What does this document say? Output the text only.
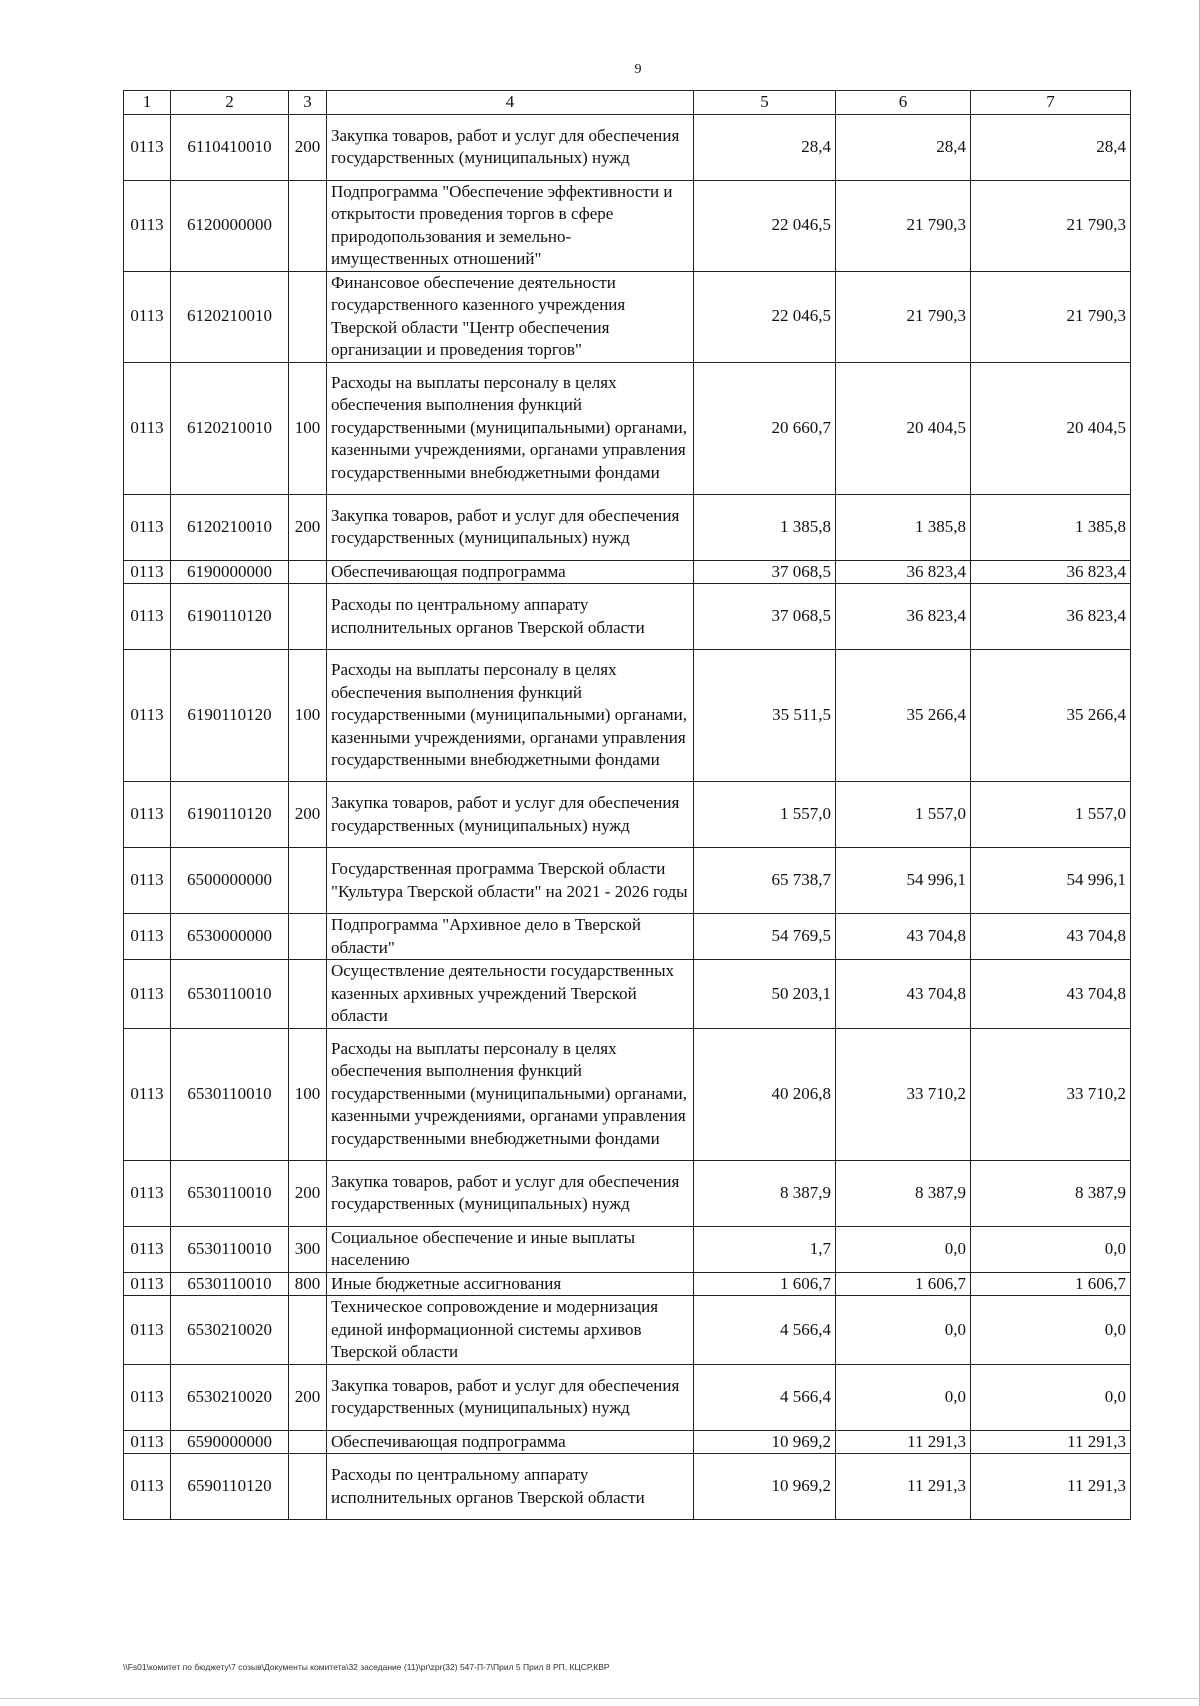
9
1	2	3	4	5	6	7
0113	6110410010	200	Закупка товаров, работ и услуг для обеспечения государственных (муниципальных) нужд	28,4	28,4	28,4
0113	6120000000		Подпрограмма "Обеспечение эффективности и открытости проведения торгов в сфере природопользования и земельно-имущественных отношений"	22 046,5	21 790,3	21 790,3
0113	6120210010		Финансовое обеспечение деятельности государственного казенного учреждения Тверской области "Центр обеспечения организации и проведения торгов"	22 046,5	21 790,3	21 790,3
0113	6120210010	100	Расходы на выплаты персоналу в целях обеспечения выполнения функций государственными (муниципальными) органами, казенными учреждениями, органами управления государственными внебюджетными фондами	20 660,7	20 404,5	20 404,5
0113	6120210010	200	Закупка товаров, работ и услуг для обеспечения государственных (муниципальных) нужд	1 385,8	1 385,8	1 385,8
0113	6190000000		Обеспечивающая подпрограмма	37 068,5	36 823,4	36 823,4
0113	6190110120		Расходы по центральному аппарату исполнительных органов Тверской области	37 068,5	36 823,4	36 823,4
0113	6190110120	100	Расходы на выплаты персоналу в целях обеспечения выполнения функций государственными (муниципальными) органами, казенными учреждениями, органами управления государственными внебюджетными фондами	35 511,5	35 266,4	35 266,4
0113	6190110120	200	Закупка товаров, работ и услуг для обеспечения государственных (муниципальных) нужд	1 557,0	1 557,0	1 557,0
0113	6500000000		Государственная программа Тверской области "Культура Тверской области" на 2021 - 2026 годы	65 738,7	54 996,1	54 996,1
0113	6530000000		Подпрограмма "Архивное дело в Тверской области"	54 769,5	43 704,8	43 704,8
0113	6530110010		Осуществление деятельности государственных казенных архивных учреждений Тверской области	50 203,1	43 704,8	43 704,8
0113	6530110010	100	Расходы на выплаты персоналу в целях обеспечения выполнения функций государственными (муниципальными) органами, казенными учреждениями, органами управления государственными внебюджетными фондами	40 206,8	33 710,2	33 710,2
0113	6530110010	200	Закупка товаров, работ и услуг для обеспечения государственных (муниципальных) нужд	8 387,9	8 387,9	8 387,9
0113	6530110010	300	Социальное обеспечение и иные выплаты населению	1,7	0,0	0,0
0113	6530110010	800	Иные бюджетные ассигнования	1 606,7	1 606,7	1 606,7
0113	6530210020		Техническое сопровождение и модернизация единой информационной системы архивов Тверской области	4 566,4	0,0	0,0
0113	6530210020	200	Закупка товаров, работ и услуг для обеспечения государственных (муниципальных) нужд	4 566,4	0,0	0,0
0113	6590000000		Обеспечивающая подпрограмма	10 969,2	11 291,3	11 291,3
0113	6590110120		Расходы по центральному аппарату исполнительных органов Тверской области	10 969,2	11 291,3	11 291,3
\\Fs01\комитет по бюджету\7 созыв\Документы комитета\32 заседание (11)\pr\zpr(32) 547-П-7\Прил 5 Прил 8 РП, КЦСР,КВР
